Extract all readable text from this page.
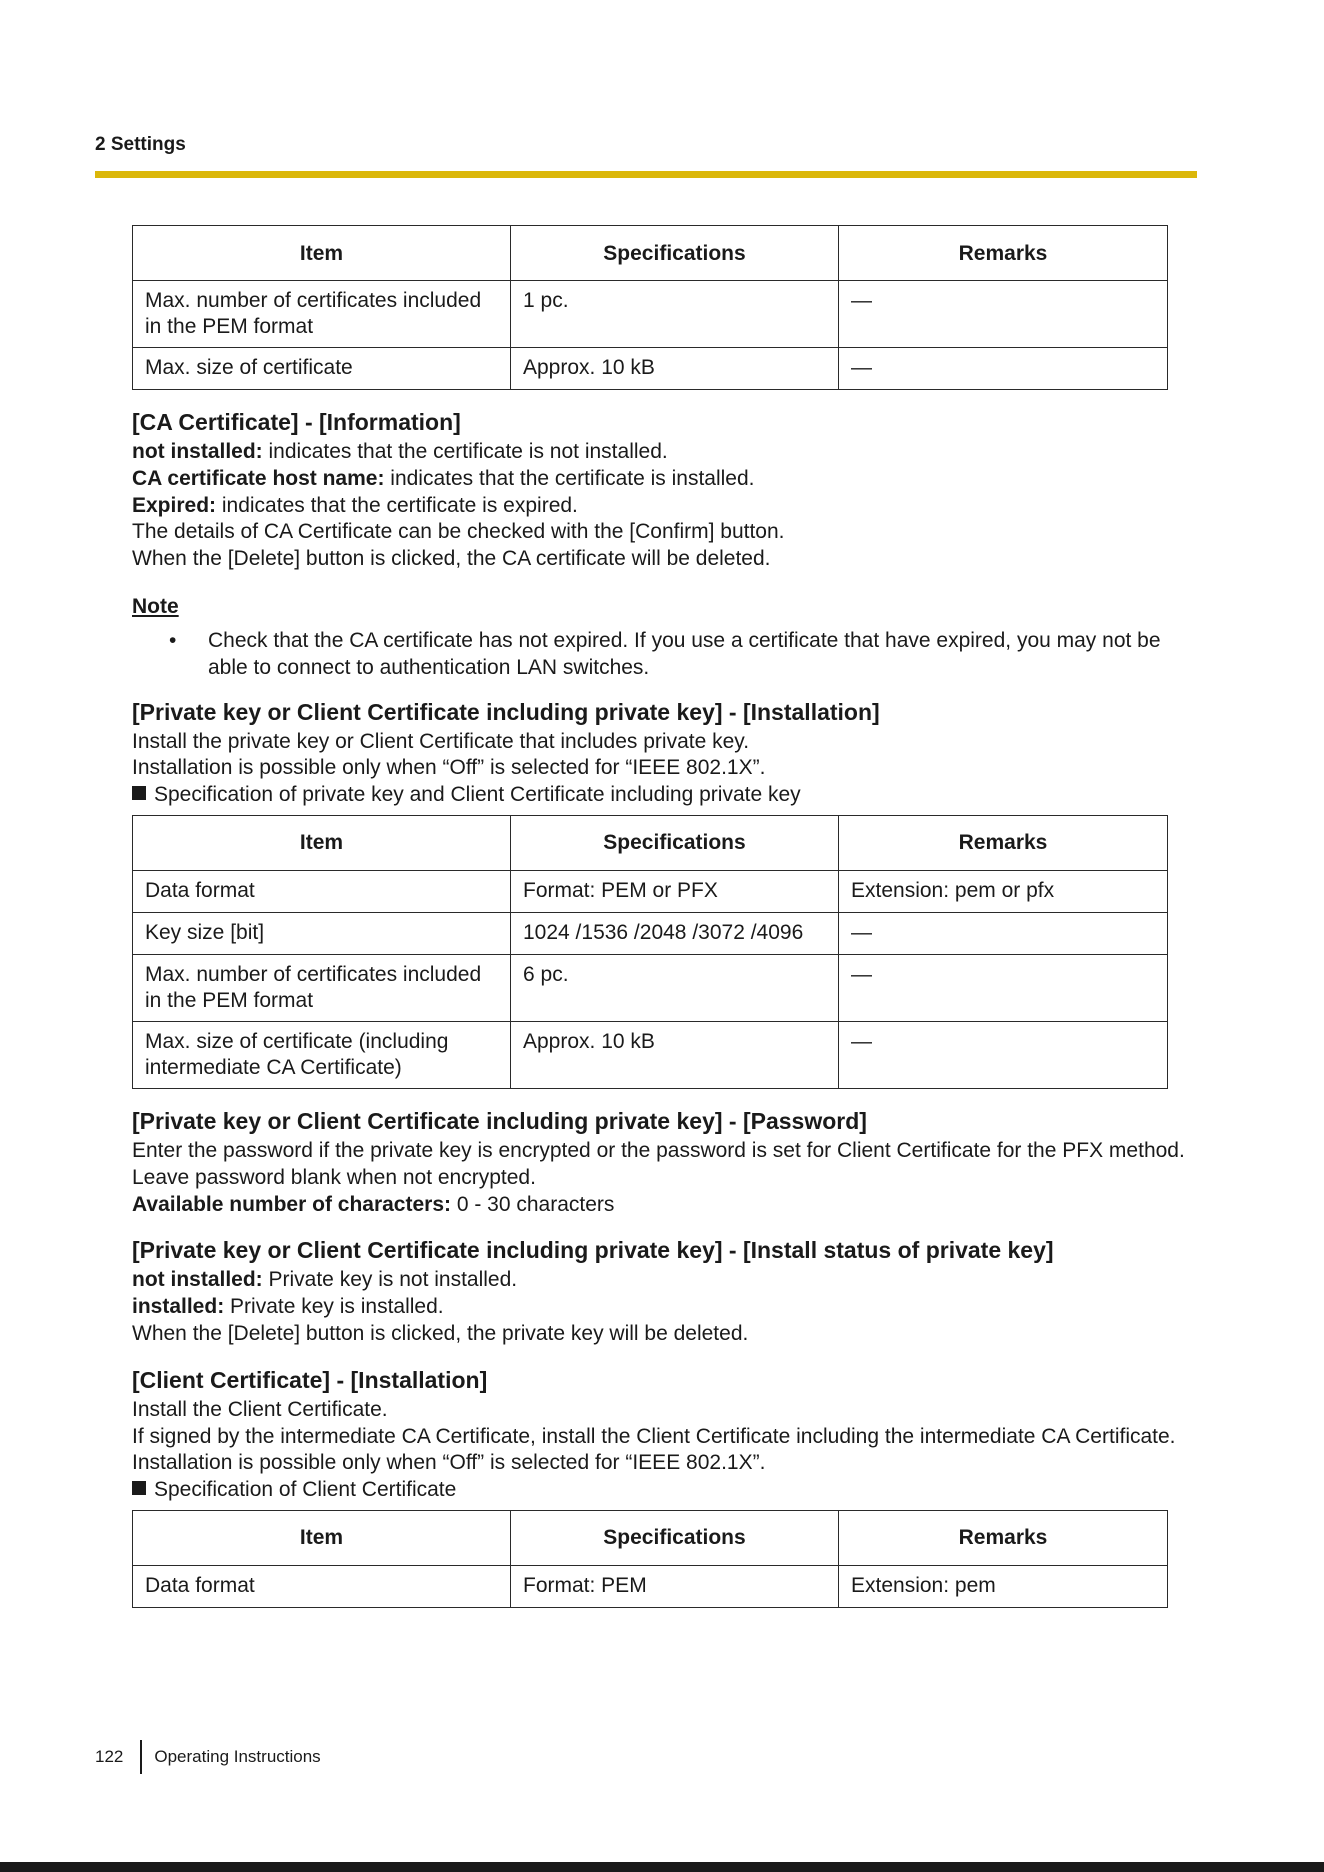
2 Settings
Item	Specifications	Remarks
Max. number of certificates included in the PEM format	1 pc.	—
Max. size of certificate	Approx. 10 kB	—
[CA Certificate] - [Information]

not installed: indicates that the certificate is not installed.

CA certificate host name: indicates that the certificate is installed.

Expired: indicates that the certificate is expired.

The details of CA Certificate can be checked with the [Confirm] button.

When the [Delete] button is clicked, the CA certificate will be deleted.

Note

•	Check that the CA certificate has not expired. If you use a certificate that have expired, you may not be able to connect to authentication LAN switches.
[Private key or Client Certificate including private key] - [Installation]

Install the private key or Client Certificate that includes private key.

Installation is possible only when “Off” is selected for “IEEE 802.1X”.

Specification of private key and Client Certificate including private key

Item	Specifications	Remarks
Data format	Format: PEM or PFX	Extension: pem or pfx
Key size [bit]	1024 /1536 /2048 /3072 /4096	—
Max. number of certificates included in the PEM format	6 pc.	—
Max. size of certificate (including intermediate CA Certificate)	Approx. 10 kB	—
[Private key or Client Certificate including private key] - [Password]

Enter the password if the private key is encrypted or the password is set for Client Certificate for the PFX method. Leave password blank when not encrypted.

Available number of characters: 0 - 30 characters

[Private key or Client Certificate including private key] - [Install status of private key]

not installed: Private key is not installed.

installed: Private key is installed.

When the [Delete] button is clicked, the private key will be deleted.

[Client Certificate] - [Installation]

Install the Client Certificate.

If signed by the intermediate CA Certificate, install the Client Certificate including the intermediate CA Certificate.

Installation is possible only when “Off” is selected for “IEEE 802.1X”.

Specification of Client Certificate

Item	Specifications	Remarks
Data format	Format: PEM	Extension: pem
122	Operating Instructions
